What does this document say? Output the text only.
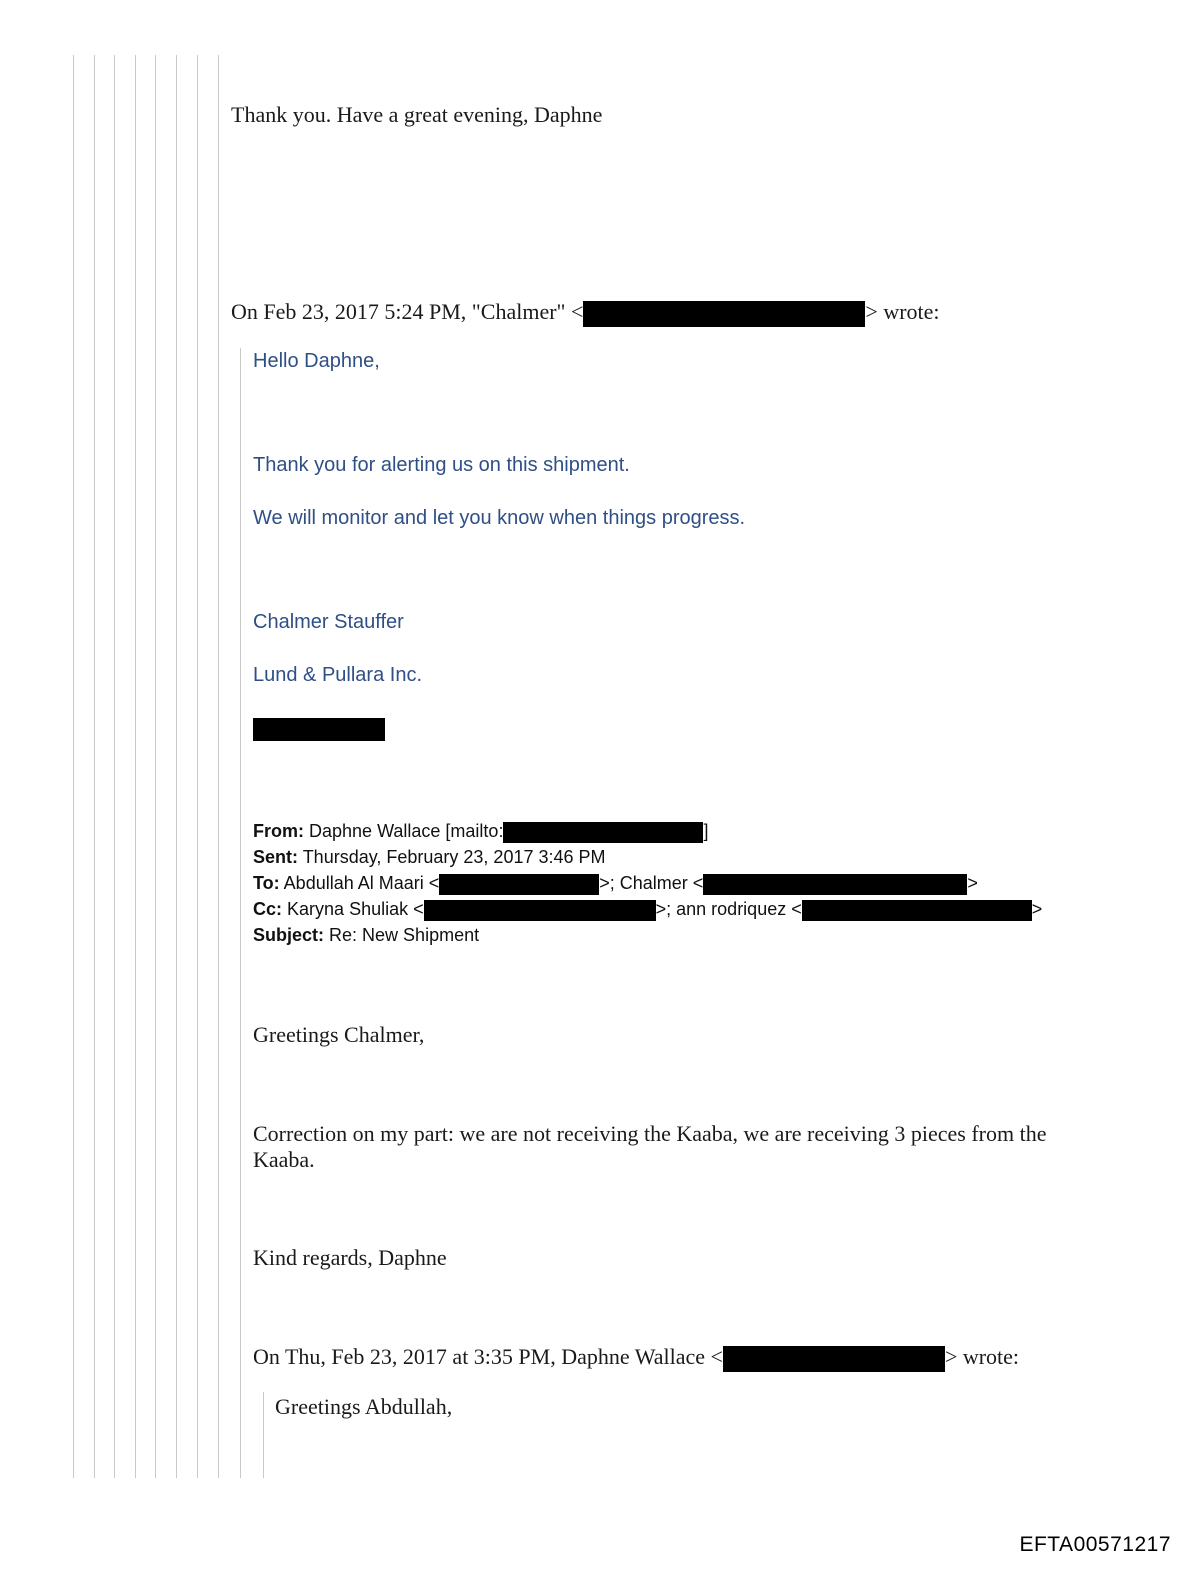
Thank you. Have a great evening, Daphne
On Feb 23, 2017 5:24 PM, "Chalmer" <	> wrote:
Hello Daphne,
Thank you for alerting us on this shipment.
We will monitor and let you know when things progress.
Chalmer Stauffer
Lund & Pullara Inc.
From: Daphne Wallace [mailto:	]
Sent: Thursday, February 23, 2017 3:46 PM
To: Abdullah Al Maari <	>; Chalmer <	>
Cc: Karyna Shuliak <	>; ann rodriquez <	>
Subject: Re: New Shipment
Greetings Chalmer,
Correction on my part: we are not receiving the Kaaba, we are receiving 3 pieces from the
Kaaba.
Kind regards, Daphne
On Thu, Feb 23, 2017 at 3:35 PM, Daphne Wallace <	> wrote:
Greetings Abdullah,
EFTA00571217
